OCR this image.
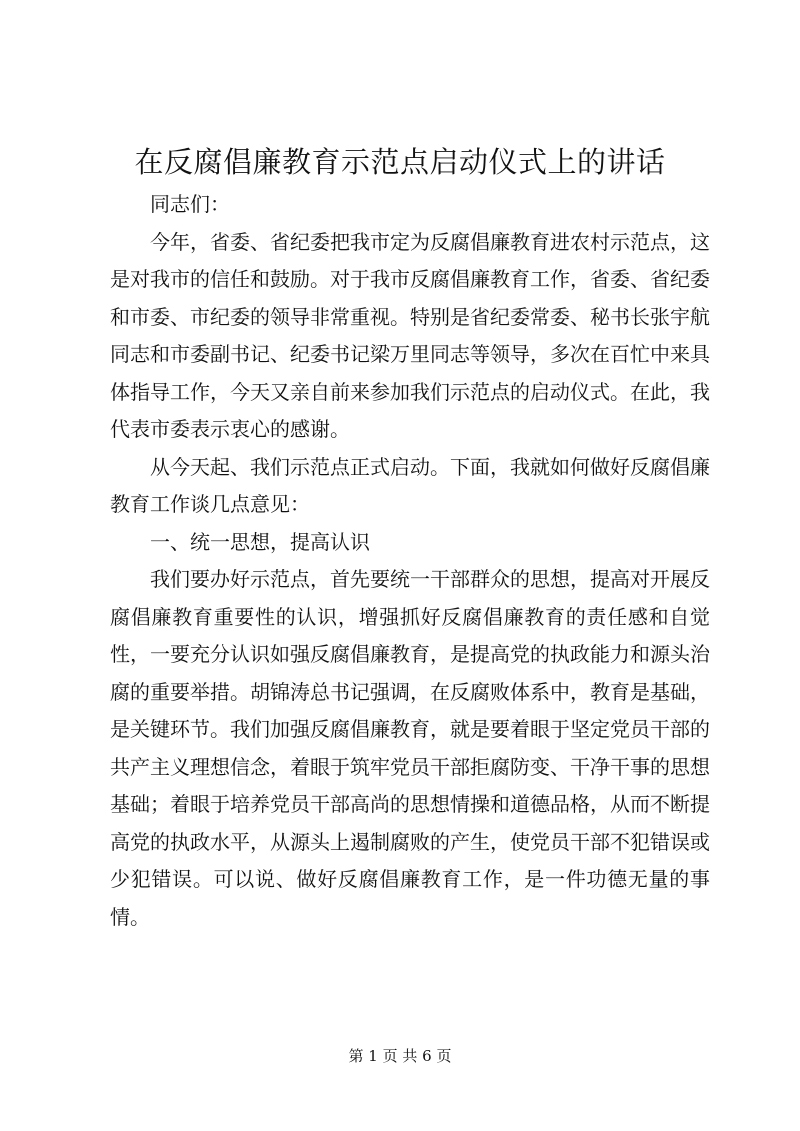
在反腐倡廉教育示范点启动仪式上的讲话

同志们：

今年，省委、省纪委把我市定为反腐倡廉教育进农村示范点，这是对我市的信任和鼓励。对于我市反腐倡廉教育工作，省委、省纪委和市委、市纪委的领导非常重视。特别是省纪委常委、秘书长张宇航同志和市委副书记、纪委书记梁万里同志等领导，多次在百忙中来具体指导工作，今天又亲自前来参加我们示范点的启动仪式。在此，我代表市委表示衷心的感谢。

从今天起、我们示范点正式启动。下面，我就如何做好反腐倡廉教育工作谈几点意见：

一、统一思想，提高认识

我们要办好示范点，首先要统一干部群众的思想，提高对开展反腐倡廉教育重要性的认识，增强抓好反腐倡廉教育的责任感和自觉性，一要充分认识如强反腐倡廉教育，是提高党的执政能力和源头治腐的重要举措。胡锦涛总书记强调，在反腐败体系中，教育是基础，是关键环节。我们加强反腐倡廉教育，就是要着眼于坚定党员干部的共产主义理想信念，着眼于筑牢党员干部拒腐防变、干净干事的思想基础；着眼于培养党员干部高尚的思想情操和道德品格，从而不断提高党的执政水平，从源头上遏制腐败的产生，使党员干部不犯错误或少犯错误。可以说、做好反腐倡廉教育工作，是一件功德无量的事情。

第 1 页 共 6 页
